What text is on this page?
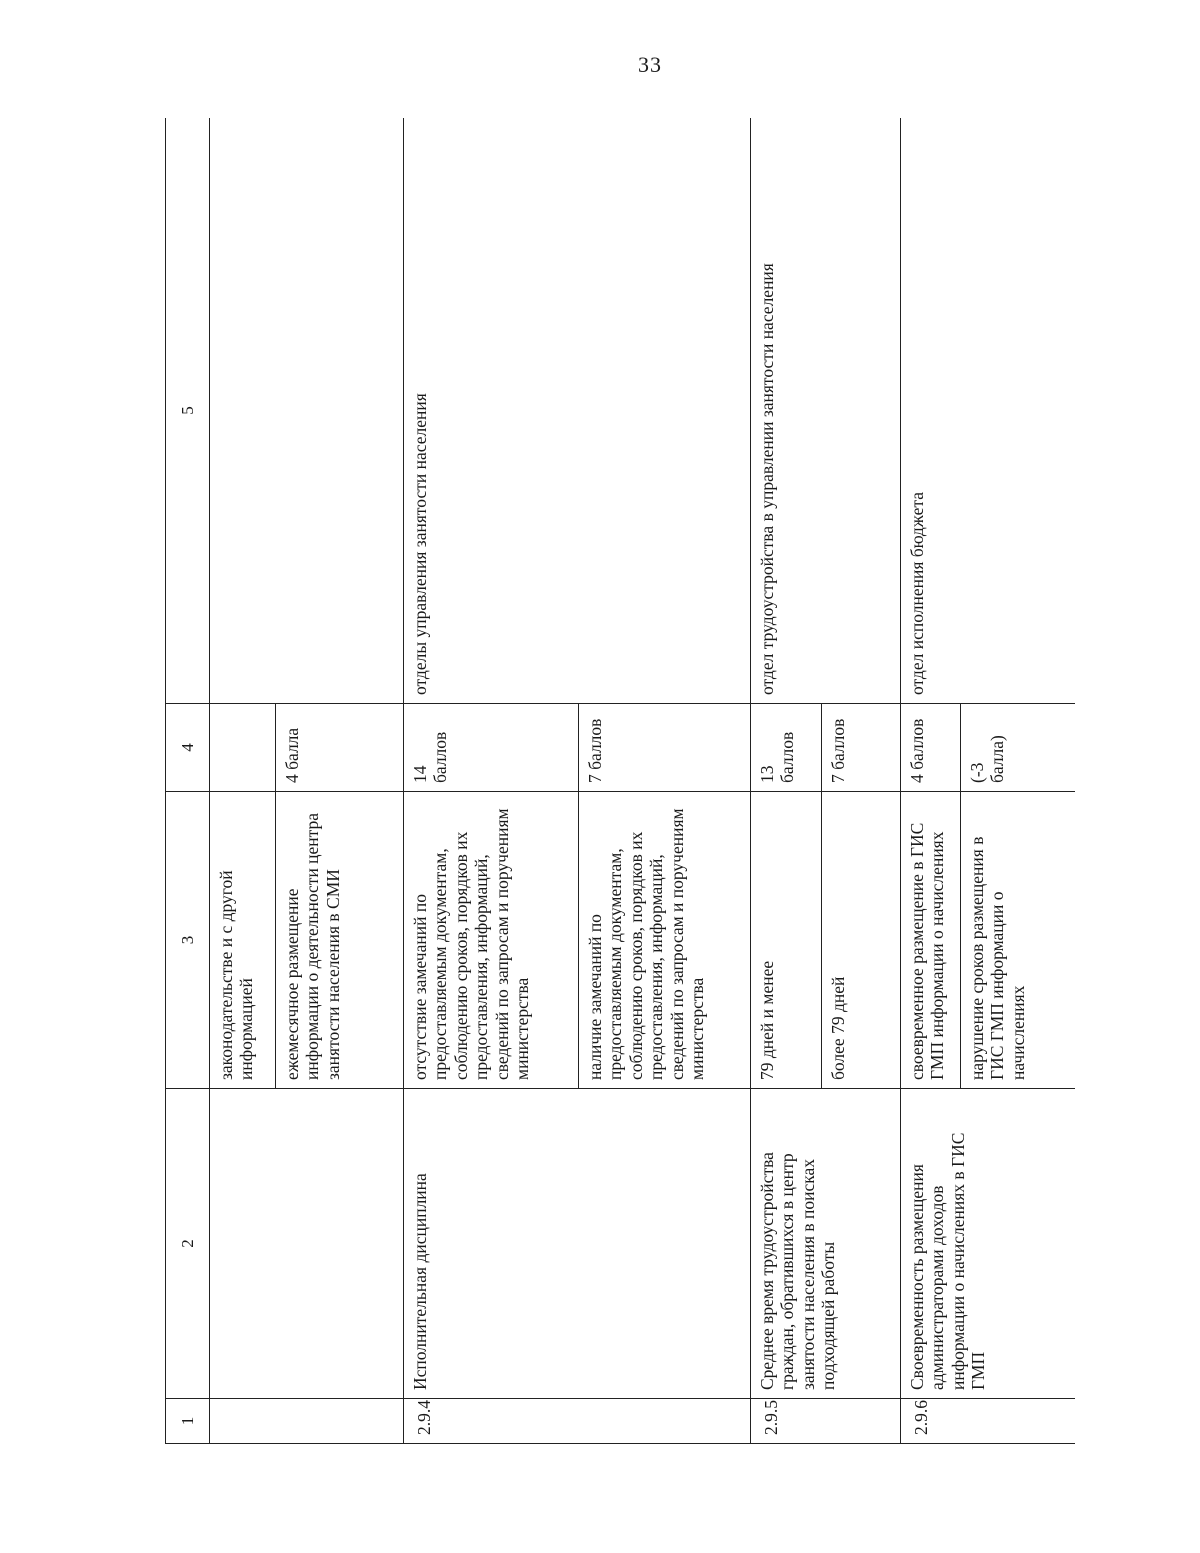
33
1	2	3	4	5
		законодательстве и с другой информацией		
		ежемесячное размещение информации о деятельности центра занятости населения в СМИ	4 балла	
2.9.4	Исполнительная дисциплина	отсутствие замечаний по предоставляемым документам, соблюдению сроков, порядков их предоставления, информаций, сведений по запросам и поручениям министерства	14 баллов	отделы управления занятости населения
		наличие замечаний по предоставляемым документам, соблюдению сроков, порядков их предоставления, информаций, сведений по запросам и поручениям министерства	7 баллов	
2.9.5	Среднее время трудоустройства граждан, обратившихся в центр занятости населения в поисках подходящей работы	79 дней и менее	13 баллов	отдел трудоустройства в управлении занятости населения
		более 79 дней	7 баллов	
2.9.6	Своевременность размещения администраторами доходов информации о начислениях в ГИС ГМП	своевременное размещение в ГИС ГМП информации о начислениях	4 баллов	отдел исполнения бюджета
		нарушение сроков размещения в ГИС ГМП информации о начислениях	(-3 балла)	
